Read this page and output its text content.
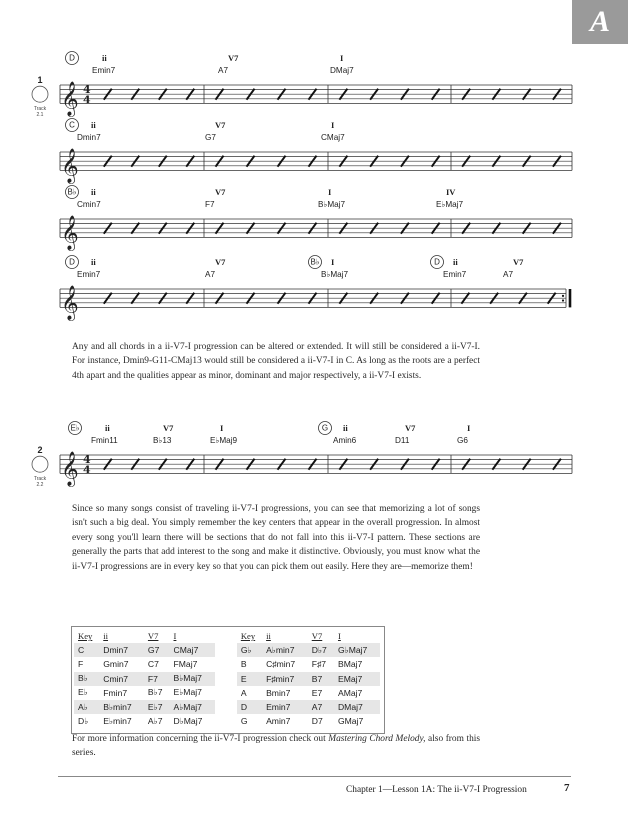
A
𝄞 4
4
D	ii
Emin7
V7
A7
I
DMaj7
1
Track
2.1
𝄞
C ii
Dmin7
V7
G7
I
CMaj7
𝄞
B♭ ii
Cmin7
V7
F7
I
B♭Maj7
IV
E♭Maj7
𝄞
D ii
Emin7
V7
A7
B♭ I
B♭Maj7
D ii
Emin7
V7
A7
𝄞 4
4
E♭	ii
Fmin11
V7
B♭13
I
E♭Maj9
G ii
Amin6
V7
D11
I
G6
2
Track
2.2

Any and all chords in a ii-V7-I progression can be altered or extended. It will still be considered a ii-V7-I. For instance, Dmin9-G11-CMaj13 would still be considered a ii-V7-I in C. As long as the roots are a perfect 4th apart and the qualities appear as minor, dominant and major respectively, a ii-V7-I exists.

Since so many songs consist of traveling ii-V7-I progressions, you can see that memorizing a lot of songs isn't such a big deal. You simply remember the key centers that appear in the overall progression. In almost every song you'll learn there will be sections that do not fall into this ii-V7-I pattern. These sections are generally the parts that add interest to the song and make it distinctive. Obviously, you must know what the ii-V7-I progressions are in every key so that you can pick them out easily. Here they are—memorize them!

Key	ii	V7	I		Key	ii	V7	I
C	Dmin7	G7	CMaj7		G♭	A♭min7	D♭7	G♭Maj7
F	Gmin7	C7	FMaj7		B	C♯min7	F♯7	BMaj7
B♭	Cmin7	F7	B♭Maj7		E	F♯min7	B7	EMaj7
E♭	Fmin7	B♭7	E♭Maj7		A	Bmin7	E7	AMaj7
A♭	B♭min7	E♭7	A♭Maj7		D	Emin7	A7	DMaj7
D♭	E♭min7	A♭7	D♭Maj7		G	Amin7	D7	GMaj7

For more information concerning the ii-V7-I progression check out Mastering Chord Melody, also from this series.

Chapter 1—Lesson 1A: The ii-V7-I Progression	7
